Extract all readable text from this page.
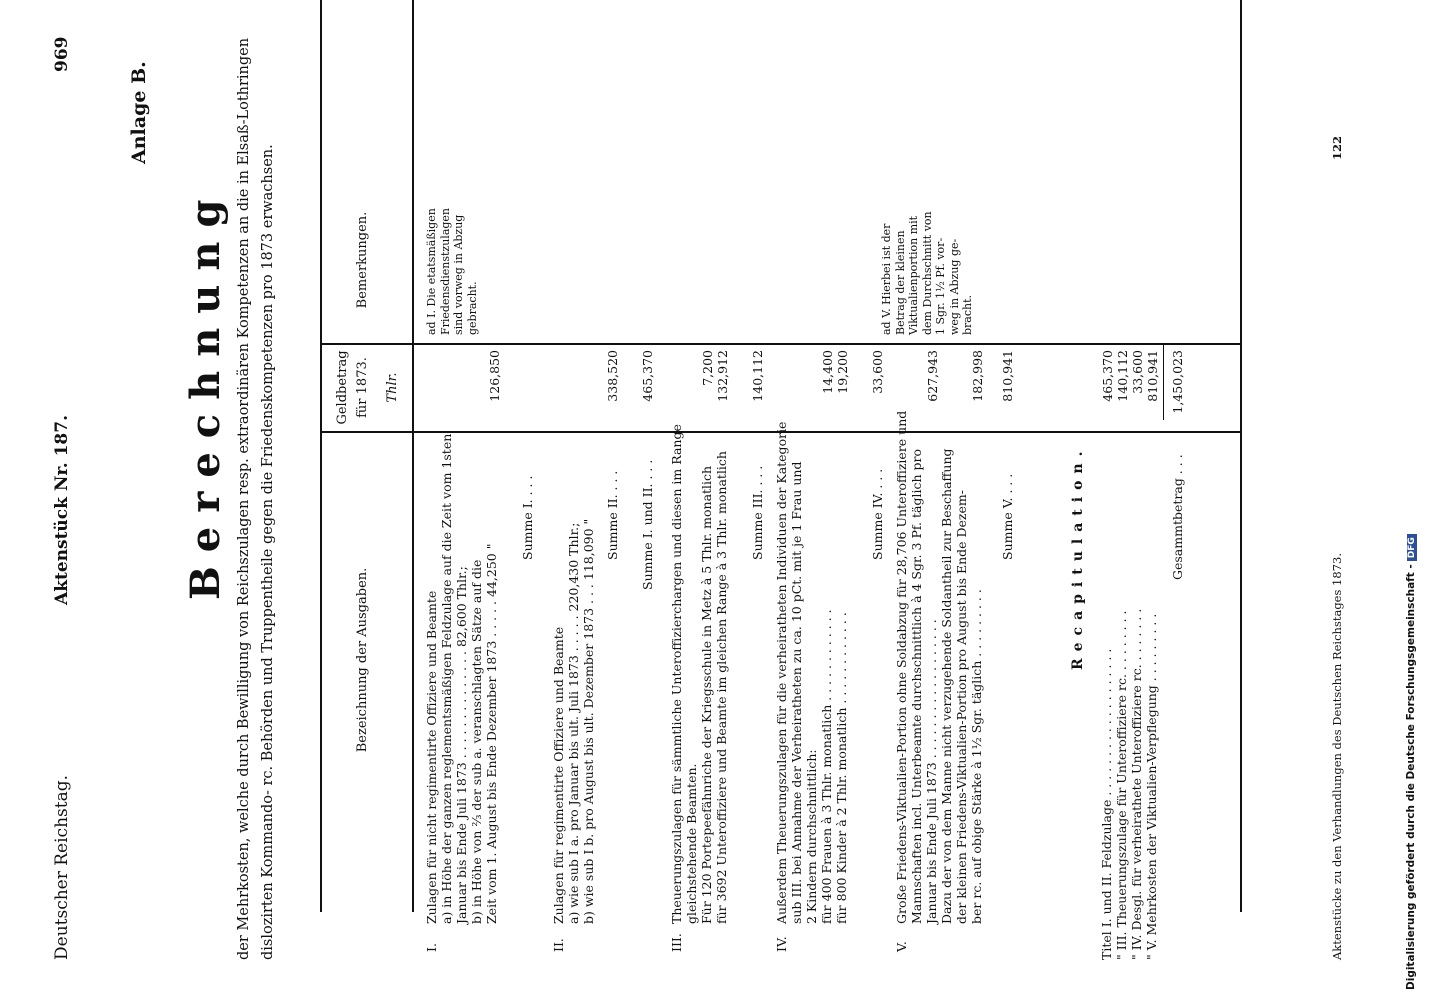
Deutscher Reichstag.
Aktenstück Nr. 187.
969
Anlage B.
Berechnung der Mehrkosten, welche durch Bewilligung von Reichszulagen resp. extraordinären Kompetenzen an die in Elsaß-Lothringen dislozirten Kommando- rc. Behörden und Truppentheile gegen die Friedenskompetenzen pro 1873 erwachsen.	Bezeichnung der Ausgaben.
Geldbetrag für 1873. Thlr.
Bemerkungen.
I.
Zulagen für nicht regimentirte Offiziere und Beamte a) in Höhe der ganzen reglementsmäßigen Feldzulage auf die Zeit vom 1sten Januar bis Ende Juli 1873 . . . . . . . . . . . . . . 82,600 Thlr.; b) in Höhe von ⅔ der sub a. veranschlagten Sätze auf die Zeit vom 1. August bis Ende Dezember 1873 . . . . . 44,250 "
126,850
Summe I. . . .
II.
Zulagen für regimentirte Offiziere und Beamte a) wie sub I a. pro Januar bis ult. Juli 1873 . . . . . 220,430 Thlr.; b) wie sub I b. pro August bis ult. Dezember 1873 . . . 118,090 "
Summe II. . . .
338,520
Summe I. und II. . . .
465,370
III.
Theuerungszulagen für sämmtliche Unteroffizierchargen und diesen im Range gleichstehende Beamten. Für 120 Portepeefähnriche der Kriegsschule in Metz à 5 Thlr. monatlich für 3692 Unteroffiziere und Beamte im gleichen Range à 3 Thlr. monatlich
7,200 132,912
Summe III. . . .
140,112
IV.
Außerdem Theuerungszulagen für die verheiratheten Individuen der Kategorie sub III. bei Annahme der Verheiratheten zu ca. 10 pCt. mit je 1 Frau und 2 Kindern durchschnittlich: für 400 Frauen à 3 Thlr. monatlich . . . . . . . . . . . . für 800 Kinder à 2 Thlr. monatlich . . . . . . . . . . . .
14,400 19,200
Summe IV. . . .
33,600
V.
Große Friedens-Viktualien-Portion ohne Soldabzug für 28,706 Unteroffiziere und Mannschaften incl. Unterbeamte durchschnittlich à 4 Sgr. 3 Pf. täglich pro Januar bis Ende Juli 1873 . . . . . . . . . . . . . . . . . . Dazu der von dem Manne nicht verzugehende Soldantheil zur Beschaffung der kleinen Friedens-Viktualien-Portion pro August bis Ende Dezem- ber rc. auf obige Stärke à 1½ Sgr. täglich . . . . . . . . .
627,943 182,998
Summe V. . . .
810,941
ad I. Die etatsmäßigen
Friedensdienstzulagen
sind vorweg in Abzug
gebracht.	ad V. Hierbei ist der
Betrag der kleinen
Viktualienportion mit
dem Durchschnitt von
1 Sgr. 1½ Pf. vor-
weg in Abzug ge-
bracht.
Recapitulation.
Titel I. und II. Feldzulage . . . . . . . . . . . . . . . . . . .
465,370
" III. Theuerungszulage für Unteroffiziere rc. . . . . . . . .
140,112
" IV. Desgl. für verheirathete Unteroffiziere rc. . . . . . . .
33,600
" V. Mehrkosten der Viktualien-Verpflegung . . . . . . . . .
810,941
Gesammtbetrag . . .
1,450,023
Aktenstücke zu den Verhandlungen des Deutschen Reichstages 1873.
122
Digitalisierung gefördert durch die Deutsche Forschungsgemeinschaft -DFG
